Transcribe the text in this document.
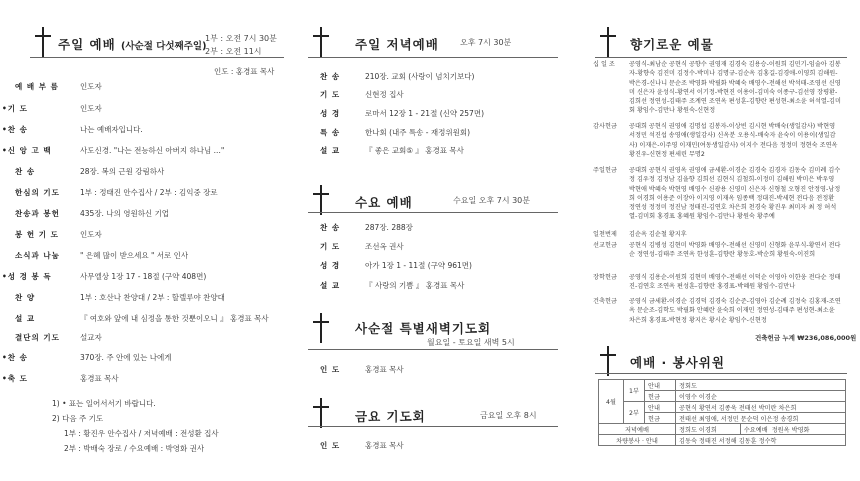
주일 예배 (사순절 다섯째주일)
1부 : 오전 7시 30분
2부 : 오전 11시
인도 : 홍경표 목사
예 배 부 름	인도자
•기 도	인도자
•찬 송	나는 예배자입니다.
•신 앙 고 백	사도신경. "나는 전능하신 아버지 하나님 ..."
찬 송	28장. 복의 근원 강림하사
한심의 기도	1부 : 정태진 안수집사 / 2부 : 김익중 장로
찬송과 봉헌	435장. 나의 영원하신 기업
봉 헌 기 도	인도자
소식과 나눔	" 은혜 많이 받으세요 " 서로 인사
•성 경 봉 독	사무엘상 1장 17 - 18절 (구약 408면)
찬 양	1부 : 호산나 찬양대 / 2부 : 할렐루야 찬양대
설 교	『 여호와 앞에 내 심정을 통한 것뿐이오니 』 홍경표 목사
결단의 기도	설교자
•찬 송	370장. 주 안에 있는 나에게
•축 도	홍경표 목사
1) • 표는 일어서서기 바랍니다.
2) 다음 주 기도
1부 : 황진우 안수집사 / 저녁예배 : 전성환 집사
2부 : 박배숙 장로 / 수요예배 : 박영화 권사
주일 저녁예배	오후 7시 30분
찬 송	210장. 교회 (사랑이 넘치기보다)
기 도	신현정 집사
성 경	로마서 12장 1 - 21절 (신약 257면)
특 송	한나회 (내주 특송 - 재정위원회)
설 교	『 좋은 교회⑤ 』 홍경표 목사
수요 예배	수요일 오후 7시 30분
찬 송	287장. 288장
기 도	조선옥 권사
성 경	아가 1장 1 - 11절 (구약 961면)
설 교	『 사랑의 기쁨 』 홍경표 목사
사순절 특별새벽기도회
월요일 - 토요일 새벽 5시
인 도	홍경표 목사
금요 기도회	금요일 오후 8시
인 도	홍경표 목사
향기로운 예물
십 일 조	공영식-최남순 공현식 공향수 권영재 김경숙 김용승-이원희 김민기-임술아 김봉자-황향숙 김진미 김정수-박미나 김명규-김순옥 김홍길-김경애-이영희 김해원-박은경-신나니 문순조 박영화 박필화 박혜숙 배영수-전해선 박석태-조영선 신영미 신은자 윤성식-황연서 이기정-박현진 이용이-김미숙 이종구-김선영 장평환-김희선 정연성-김태주 조계연 조연옥 편성훈-김향란 편성현-최소윤 허석열-김미회 황임수-김만나 황원숙-신현정
감사헌금	공대희 공현식 권영애 김명섭 김봉자-이상빈 김시현 박배숙(생일감사) 박현영 서정민 석진섭 송영애(생일감사) 신옥분 오용식-배숙자 윤숙이 이용이(생일감사) 이재은-이주영 이재민(여동생일감사) 이지수 전다음 정정미 정현숙 조연옥 황진우-신현정 편세린 무명2
주일헌금	공대희 공현식 권영옥 권영애 금세환-이경순 김경숙 김경자 김동숙 김미례 김수정 김우정 김정남 김을향 김희선 김현식 김철희-이정미 김해원 박미은 박우영 박현애 박혜숙 박현영 배영수 신광용 신영미 신은자 신형철 오형진 안정영-남정희 이경희 이용준 이장아 이지영 이재옥 임종백 정대진-박세현 전다음 전정환 정연성 정정미 정진남 정태진-김연호 차은희 천경숙 황진우 최미자 최 정 허석열-김미회 홍경표 홍혜원 황임수-김만나 황원숙 황주예
일천번제	김순옥 김순철 황지후
선교헌금	공현식 김병성 김현미 박영화 배영수-전해선 신영미 신형화 윤부식-황연서 전다순 정연성-김태주 조연옥 한성훈-김향란 황동호-박순희 황원숙-이진희
장학헌금	공영식 김용순-이원희 김현미 배영수-전해선 이덕순 이영아 이한웅 전다순 정태진-김연호 조연옥 편성훈-김향란 홍경표-박혜원 황임수-김만나
건축헌금	공영식 금세환-이경순 김경덕 김경숙 김순준-김영아 김순례 김정숙 김홍재-조연옥 문순조-김학도 박필화 안혜란 윤숙희 이재민 정연성-김태주 편성현-최소윤 차은희 홍경표-박현정 황지은 황시순 황임수-신현정
건축헌금 누계 ₩236,086,000원
예배 · 봉사위원
4월	1부	안내	정회도	
		헌금	이영수 이경순	
	2부	안내	공현식 황연서 김종욱 전태선 박미란 차은희	
		헌금	전태선 최영애, 서정민 문순덕 이은정 송경희	
저녁예배			정희도 이경희	수요예배 정원옥 박영화
차량봉사 · 안내			김동숙 정태진 서정해 김동훈 정수학	
